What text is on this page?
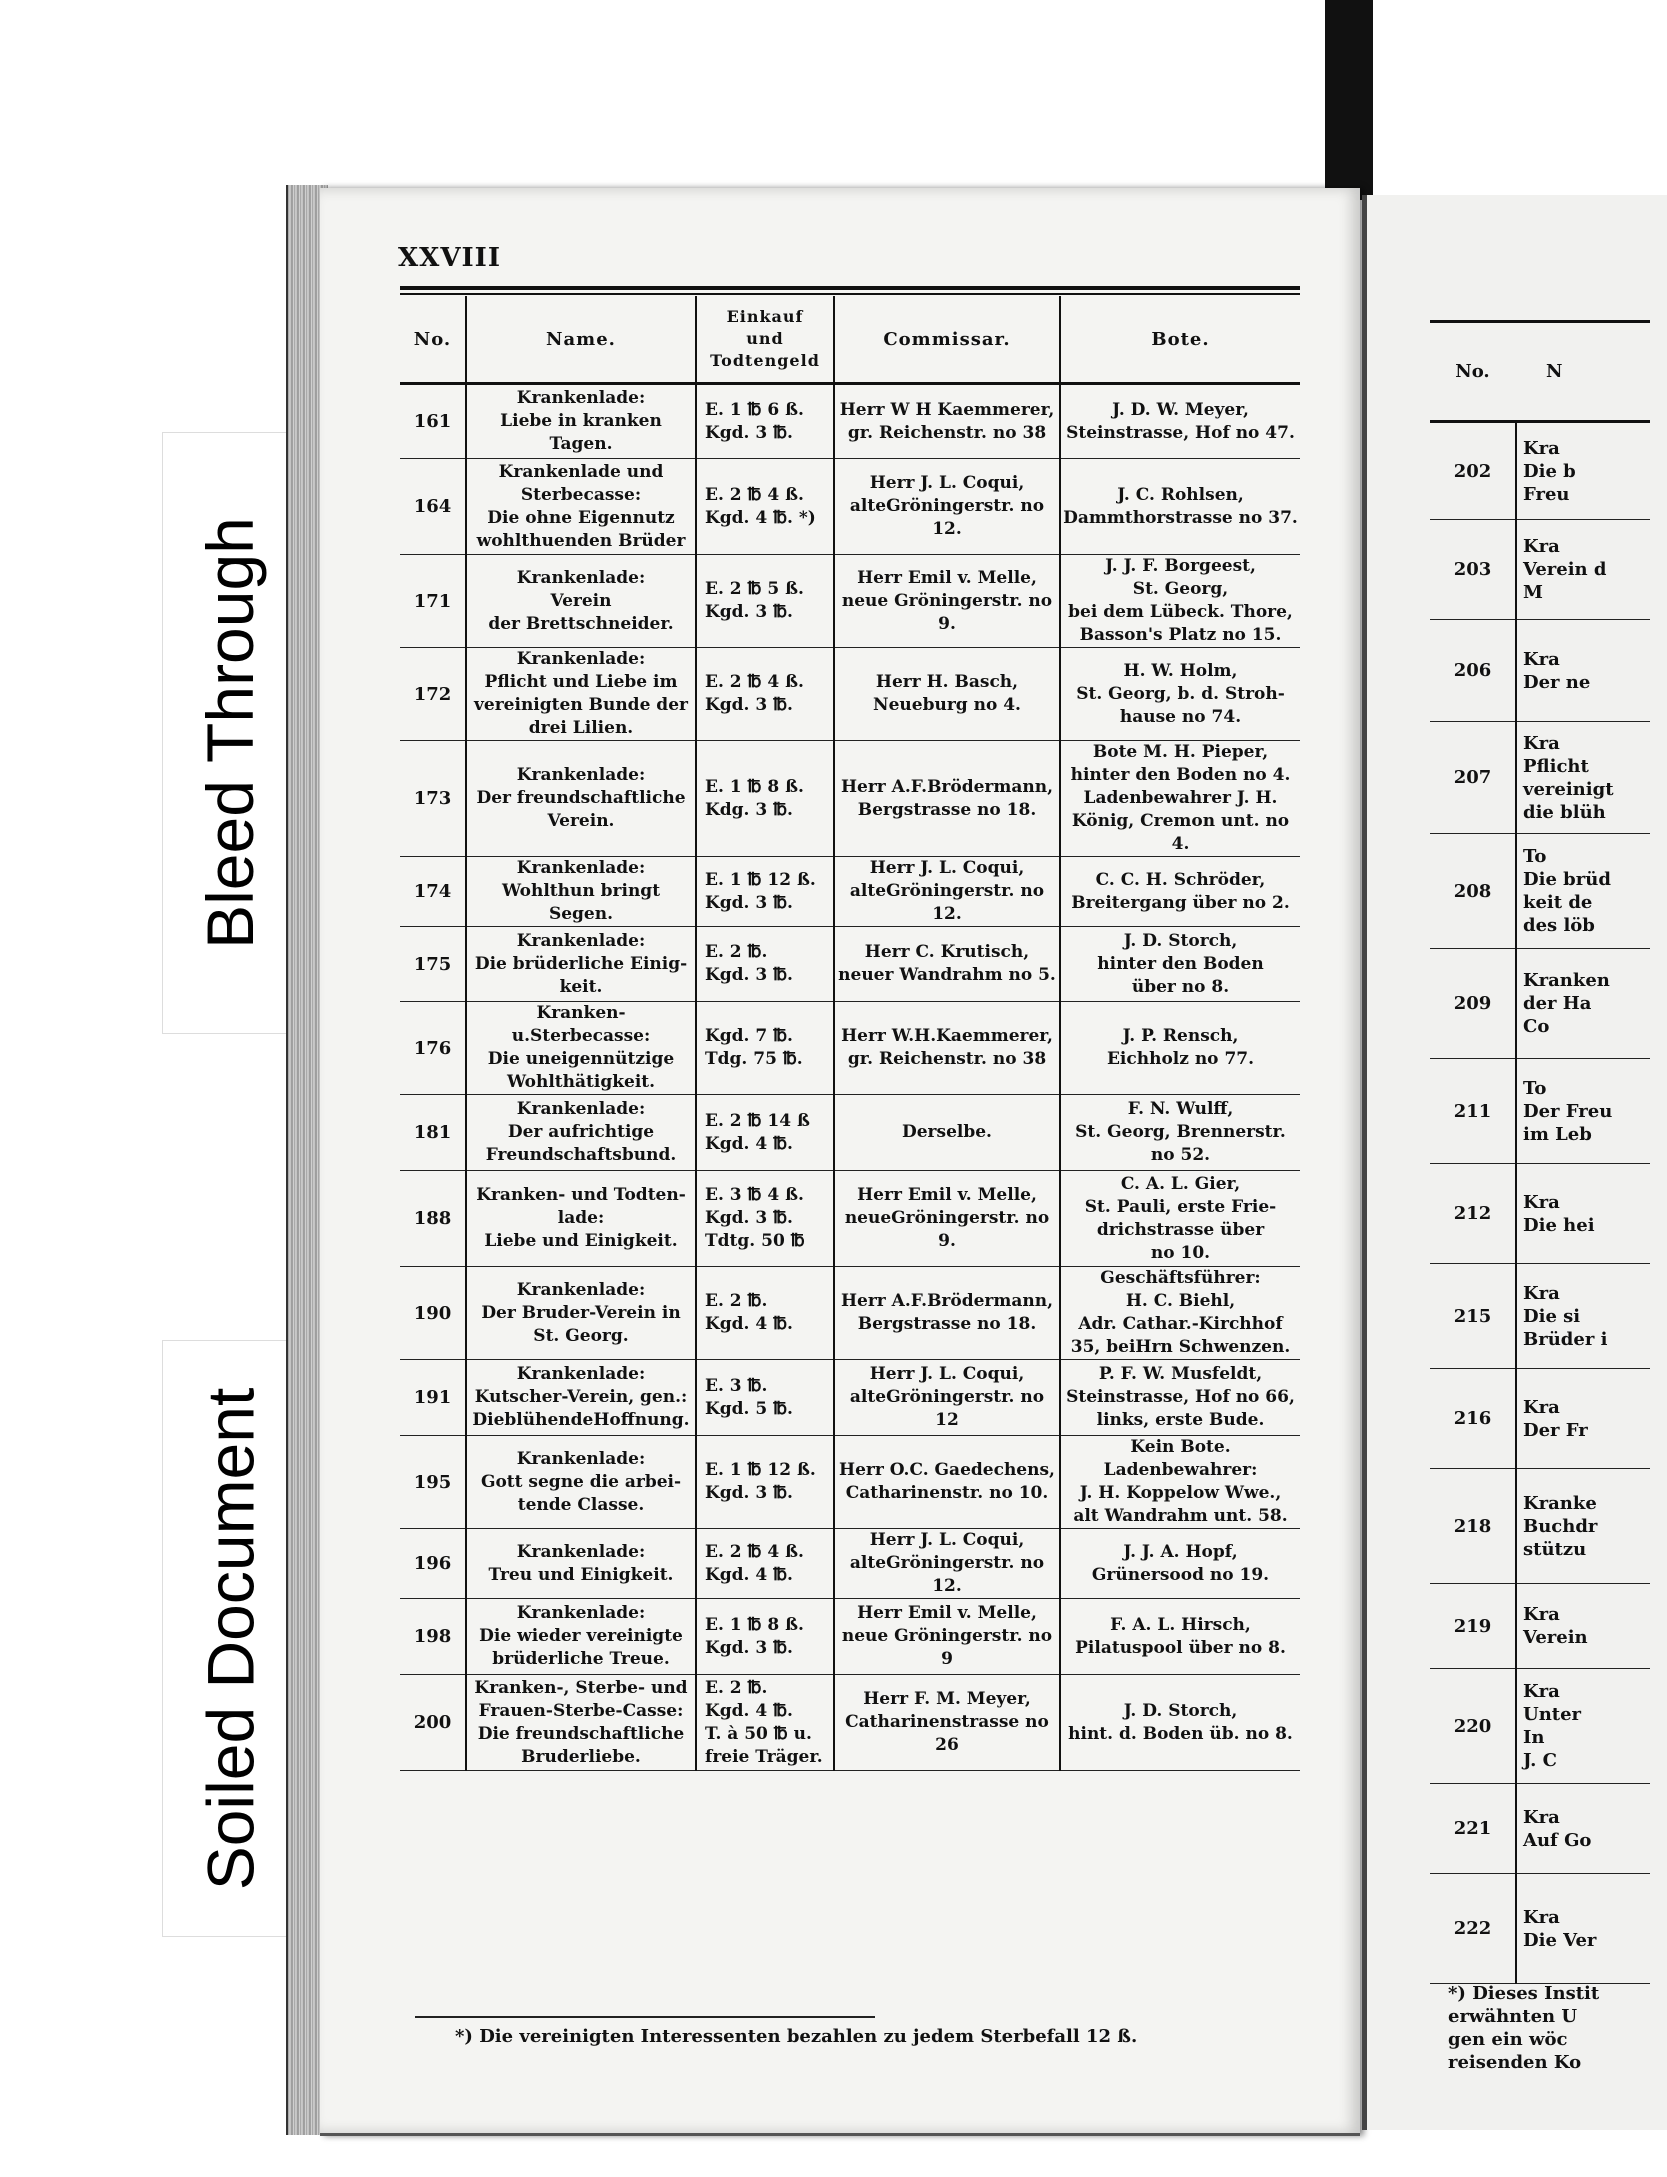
Bleed Through
Soiled Document
XXVIII
No.	Name.	Einkauf
und
Todtengeld	Commissar.	Bote.
161	Krankenlade:
Liebe in kranken
Tagen.	E. 1 ℔ 6 ß.
Kgd. 3 ℔.	Herr W H Kaemmerer,
gr. Reichenstr. no 38	J. D. W. Meyer,
Steinstrasse, Hof no 47.
164	Krankenlade und
Sterbecasse:
Die ohne Eigennutz
wohlthuenden Brüder	E. 2 ℔ 4 ß.
Kgd. 4 ℔. *)	Herr J. L. Coqui,
alteGröningerstr. no 12.	J. C. Rohlsen,
Dammthorstrasse no 37.
171	Krankenlade:
Verein
der Brettschneider.	E. 2 ℔ 5 ß.
Kgd. 3 ℔.	Herr Emil v. Melle,
neue Gröningerstr. no 9.	J. J. F. Borgeest,
St. Georg,
bei dem Lübeck. Thore,
Basson's Platz no 15.
172	Krankenlade:
Pflicht und Liebe im
vereinigten Bunde der
drei Lilien.	E. 2 ℔ 4 ß.
Kgd. 3 ℔.	Herr H. Basch,
Neueburg no 4.	H. W. Holm,
St. Georg, b. d. Stroh-
hause no 74.
173	Krankenlade:
Der freundschaftliche
Verein.	E. 1 ℔ 8 ß.
Kdg. 3 ℔.	Herr A.F.Brödermann,
Bergstrasse no 18.	Bote M. H. Pieper,
hinter den Boden no 4.
Ladenbewahrer J. H.
König, Cremon unt. no 4.
174	Krankenlade:
Wohlthun bringt
Segen.	E. 1 ℔ 12 ß.
Kgd. 3 ℔.	Herr J. L. Coqui,
alteGröningerstr. no 12.	C. C. H. Schröder,
Breitergang über no 2.
175	Krankenlade:
Die brüderliche Einig-
keit.	E. 2 ℔.
Kgd. 3 ℔.	Herr C. Krutisch,
neuer Wandrahm no 5.	J. D. Storch,
hinter den Boden
über no 8.
176	Kranken-u.Sterbecasse:
Die uneigennützige
Wohlthätigkeit.	Kgd. 7 ℔.
Tdg. 75 ℔.	Herr W.H.Kaemmerer,
gr. Reichenstr. no 38	J. P. Rensch,
Eichholz no 77.
181	Krankenlade:
Der aufrichtige
Freundschaftsbund.	E. 2 ℔ 14 ß
Kgd. 4 ℔.	Derselbe.	F. N. Wulff,
St. Georg, Brennerstr.
no 52.
188	Kranken- und Todten-
lade:
Liebe und Einigkeit.	E. 3 ℔ 4 ß.
Kgd. 3 ℔.
Tdtg. 50 ℔	Herr Emil v. Melle,
neueGröningerstr. no 9.	C. A. L. Gier,
St. Pauli, erste Frie-
drichstrasse über
no 10.
190	Krankenlade:
Der Bruder-Verein in
St. Georg.	E. 2 ℔.
Kgd. 4 ℔.	Herr A.F.Brödermann,
Bergstrasse no 18.	Geschäftsführer:
H. C. Biehl,
Adr. Cathar.-Kirchhof
35, beiHrn Schwenzen.
191	Krankenlade:
Kutscher-Verein, gen.:
DieblühendeHoffnung.	E. 3 ℔.
Kgd. 5 ℔.	Herr J. L. Coqui,
alteGröningerstr. no 12	P. F. W. Musfeldt,
Steinstrasse, Hof no 66,
links, erste Bude.
195	Krankenlade:
Gott segne die arbei-
tende Classe.	E. 1 ℔ 12 ß.
Kgd. 3 ℔.	Herr O.C. Gaedechens,
Catharinenstr. no 10.	Kein Bote.
Ladenbewahrer:
J. H. Koppelow Wwe.,
alt Wandrahm unt. 58.
196	Krankenlade:
Treu und Einigkeit.	E. 2 ℔ 4 ß.
Kgd. 4 ℔.	Herr J. L. Coqui,
alteGröningerstr. no 12.	J. J. A. Hopf,
Grünersood no 19.
198	Krankenlade:
Die wieder vereinigte
brüderliche Treue.	E. 1 ℔ 8 ß.
Kgd. 3 ℔.	Herr Emil v. Melle,
neue Gröningerstr. no 9	F. A. L. Hirsch,
Pilatuspool über no 8.
200	Kranken-, Sterbe- und
Frauen-Sterbe-Casse:
Die freundschaftliche
Bruderliebe.	E. 2 ℔.
Kgd. 4 ℔.
T. à 50 ℔ u.
freie Träger.	Herr F. M. Meyer,
Catharinenstrasse no 26	J. D. Storch,
hint. d. Boden üb. no 8.
*) Die vereinigten Interessenten bezahlen zu jedem Sterbefall 12 ß.
No.	N
202	Kra
Die b
Freu
203	Kra
Verein d
M
206	Kra
Der ne
207	Kra
Pflicht
vereinigt
die blüh
208	To
Die brüd
keit de
des löb
209	Kranken
der Ha
Co
211	To
Der Freu
im Leb
212	Kra
Die hei
215	Kra
Die si
Brüder i
216	Kra
Der Fr
218	Kranke
Buchdr
stützu
219	Kra
Verein
220	Kra
Unter
In
J. C
221	Kra
Auf Go
222	Kra
Die Ver
*) Dieses Instit
erwähnten U
gen ein wöc
reisenden Ko
